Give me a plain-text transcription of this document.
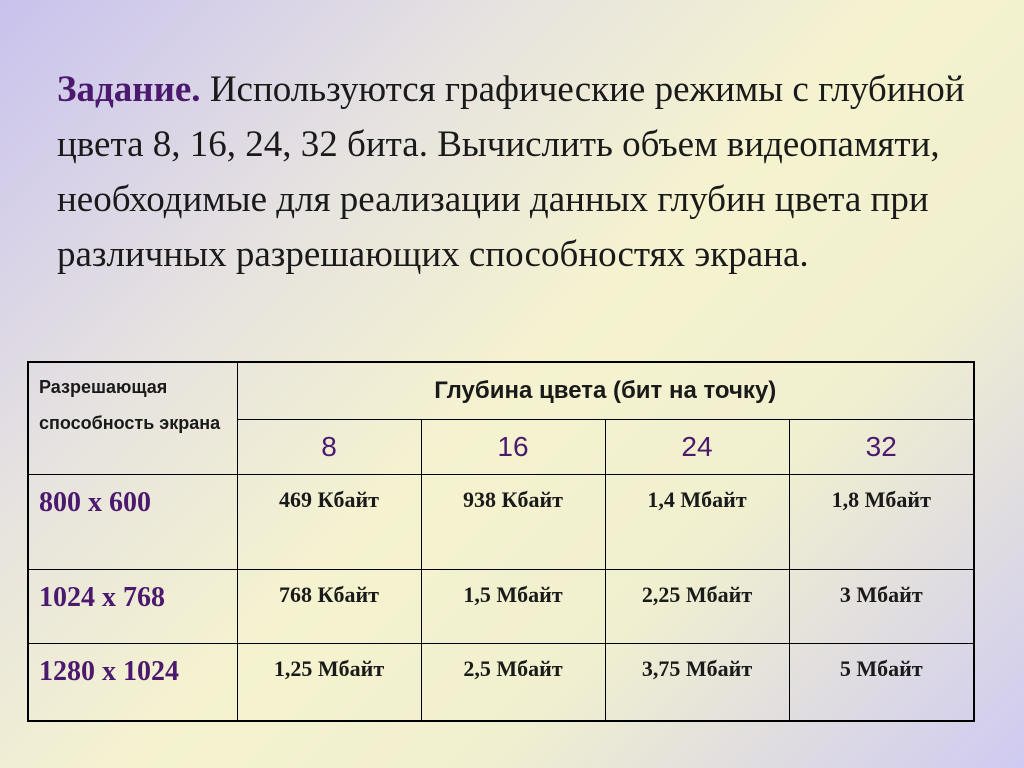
Задание. Используются графические режимы с глубиной цвета 8, 16, 24, 32 бита. Вычислить объем видеопамяти, необходимые для реализации данных глубин цвета при различных разрешающих способностях экрана.
Разрешающая способность экрана	Глубина цвета (бит на точку)			
	8	16	24	32
800 х 600	469 Кбайт	938 Кбайт	1,4 Мбайт	1,8 Мбайт
1024 х 768	768 Кбайт	1,5 Мбайт	2,25 Мбайт	3 Мбайт
1280 х 1024	1,25 Мбайт	2,5 Мбайт	3,75 Мбайт	5 Мбайт
